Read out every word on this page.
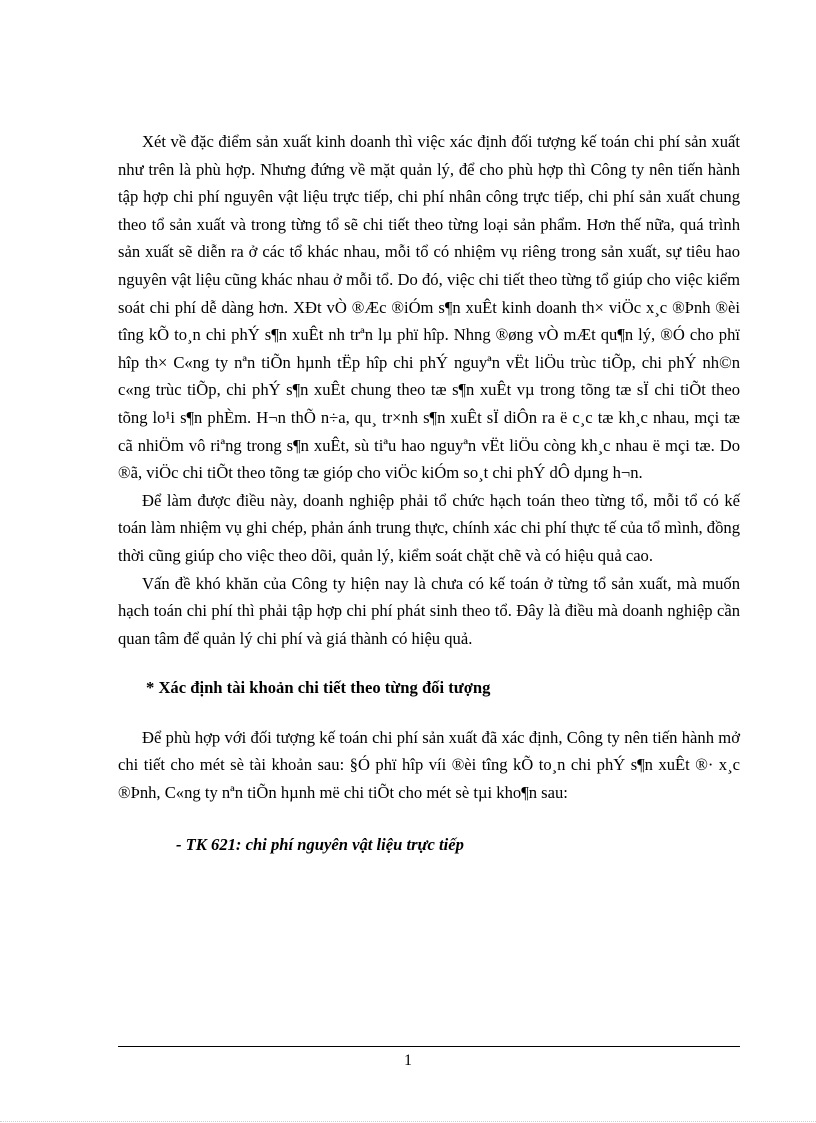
Xét về đặc điểm sản xuất kinh doanh thì việc xác định đối tượng kế toán chi phí sản xuất như trên là phù hợp. Nhưng đứng về mặt quản lý, để cho phù hợp thì Công ty nên tiến hành tập hợp chi phí nguyên vật liệu trực tiếp, chi phí nhân công trực tiếp, chi phí sản xuất chung theo tổ sản xuất và trong từng tổ sẽ chi tiết theo từng loại sản phẩm. Hơn thế nữa, quá trình sản xuất sẽ diễn ra ở các tổ khác nhau, mỗi tổ có nhiệm vụ riêng trong sản xuất, sự tiêu hao nguyên vật liệu cũng khác nhau ở mỗi tổ. Do đó, việc chi tiết theo từng tổ giúp cho việc kiểm soát chi phí dễ dàng hơn. XÐt vÒ ®Æc ®iÓm s¶n xuÊt kinh doanh th× viÖc x¸c ®Þnh ®èi tîng kÕ to¸n chi phÝ s¶n xuÊt nh trªn lµ phï hîp. Nhng ®øng vÒ mÆt qu¶n lý, ®Ó cho phï hîp th× C«ng ty nªn tiÕn hµnh tËp hîp chi phÝ nguyªn vËt liÖu trùc tiÕp, chi phÝ nh©n c«ng trùc tiÕp, chi phÝ s¶n xuÊt chung theo tæ s¶n xuÊt vµ trong tõng tæ sÏ chi tiÕt theo tõng lo¹i s¶n phÈm. H¬n thÕ n÷a, qu¸ tr×nh s¶n xuÊt sÏ diÔn ra ë c¸c tæ kh¸c nhau, mçi tæ cã nhiÖm vô riªng trong s¶n xuÊt, sù tiªu hao nguyªn vËt liÖu còng kh¸c nhau ë mçi tæ. Do ®ã, viÖc chi tiÕt theo tõng tæ gióp cho viÖc kiÓm so¸t chi phÝ dÔ dµng h¬n.

Để làm được điều này, doanh nghiệp phải tổ chức hạch toán theo từng tổ, mỗi tổ có kế toán làm nhiệm vụ ghi chép, phản ánh trung thực, chính xác chi phí thực tế của tổ mình, đồng thời cũng giúp cho việc theo dõi, quản lý, kiểm soát chặt chẽ và có hiệu quả cao.

Vấn đề khó khăn của Công ty hiện nay là chưa có kế toán ở từng tổ sản xuất, mà muốn hạch toán chi phí thì phải tập hợp chi phí phát sinh theo tổ. Đây là điều mà doanh nghiệp cần quan tâm để quản lý chi phí và giá thành có hiệu quả.

* Xác định tài khoản chi tiết theo từng đối tượng

Để phù hợp với đối tượng kế toán chi phí sản xuất đã xác định, Công ty nên tiến hành mở chi tiết cho mét sè tài khoản sau: §Ó phï hîp víi ®èi tîng kÕ to¸n chi phÝ s¶n xuÊt ®· x¸c ®Þnh, C«ng ty nªn tiÕn hµnh më chi tiÕt cho mét sè tµi kho¶n sau:

- TK 621: chi phí nguyên vật liệu trực tiếp
1
